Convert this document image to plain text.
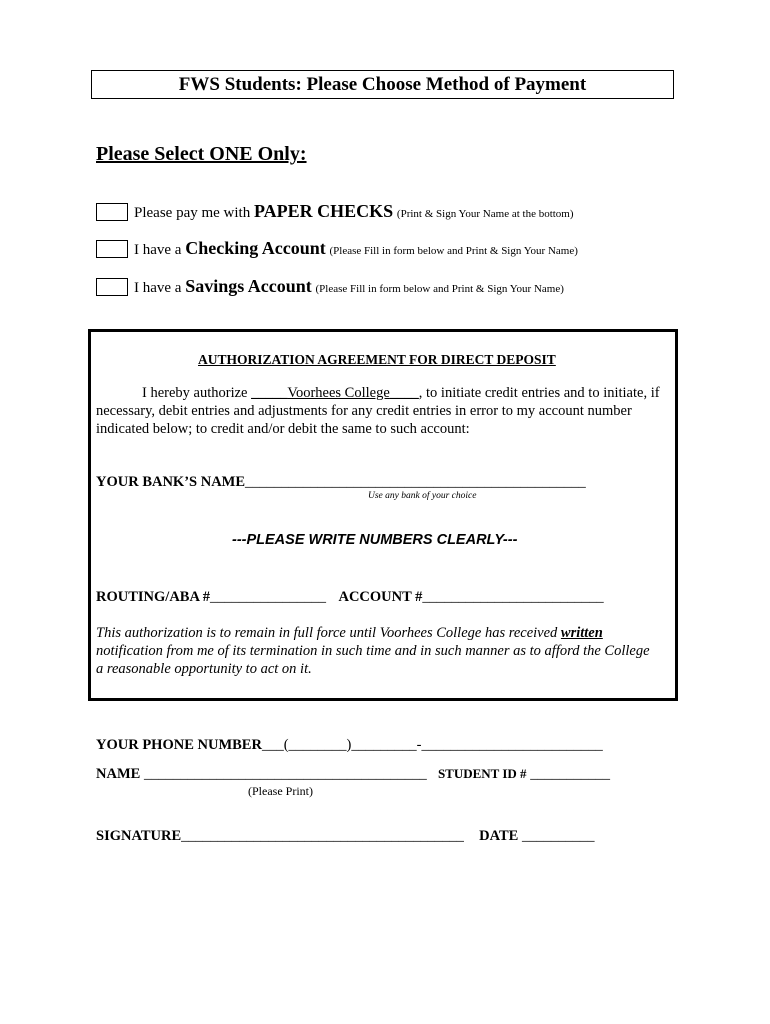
FWS Students: Please Choose Method of Payment
Please Select ONE Only:
Please pay me with PAPER CHECKS (Print & Sign Your Name at the bottom)
I have a Checking Account (Please Fill in form below and Print & Sign Your Name)
I have a Savings Account (Please Fill in form below and Print & Sign Your Name)
AUTHORIZATION AGREEMENT FOR DIRECT DEPOSIT
I hereby authorize _____Voorhees College____, to initiate credit entries and to initiate, if necessary, debit entries and adjustments for any credit entries in error to my account number indicated below; to credit and/or debit the same to such account:
YOUR BANK’S NAME_______________________________________________
Use any bank of your choice
---PLEASE WRITE NUMBERS CLEARLY---
ROUTING/ABA #________________ ACCOUNT #_________________________
This authorization is to remain in full force until Voorhees College has received written notification from me of its termination in such time and in such manner as to afford the College a reasonable opportunity to act on it.
YOUR PHONE NUMBER___(________)_________-_________________________
NAME _______________________________________ STUDENT ID # ___________
(Please Print)
SIGNATURE_______________________________________ DATE __________
